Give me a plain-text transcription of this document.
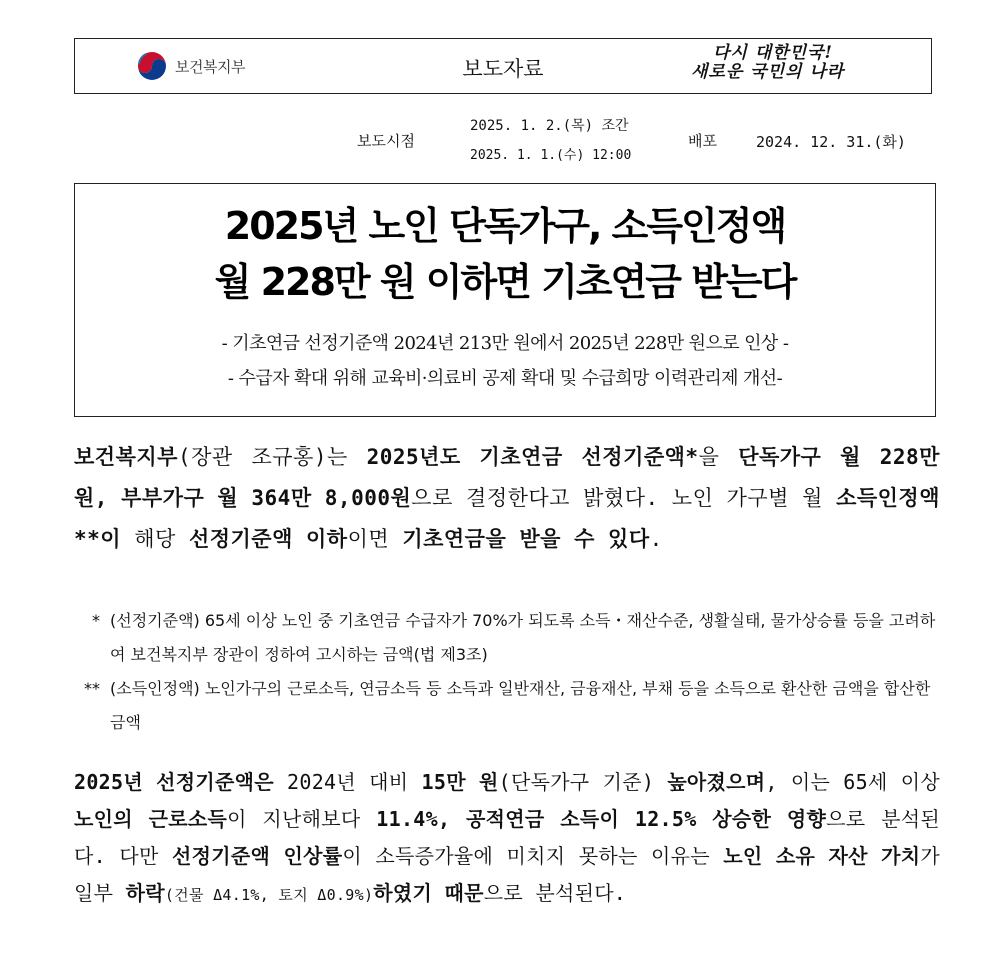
보건복지부	보도자료
다시 대한민국!
새로운 국민의 나라
보도시점
2025. 1. 2.(목) 조간
2025. 1. 1.(수) 12:00
배포	2024. 12. 31.(화)
2025년 노인 단독가구, 소득인정액
월 228만 원 이하면 기초연금 받는다
- 기초연금 선정기준액 2024년 213만 원에서 2025년 228만 원으로 인상 -
- 수급자 확대 위해 교육비·의료비 공제 확대 및 수급희망 이력관리제 개선-
보건복지부(장관 조규홍)는 2025년도 기초연금 선정기준액*을 단독가구 월 228만 원, 부부가구 월 364만 8,000원으로 결정한다고 밝혔다. 노인 가구별 월 소득인정액**이 해당 선정기준액 이하이면 기초연금을 받을 수 있다.
* (선정기준액) 65세 이상 노인 중 기초연금 수급자가 70%가 되도록 소득・재산수준, 생활실태, 물가상승률 등을 고려하여 보건복지부 장관이 정하여 고시하는 금액(법 제3조)
** (소득인정액) 노인가구의 근로소득, 연금소득 등 소득과 일반재산, 금융재산, 부채 등을 소득으로 환산한 금액을 합산한 금액
2025년 선정기준액은 2024년 대비 15만 원(단독가구 기준) 높아졌으며, 이는 65세 이상 노인의 근로소득이 지난해보다 11.4%, 공적연금 소득이 12.5% 상승한 영향으로 분석된다. 다만 선정기준액 인상률이 소득증가율에 미치지 못하는 이유는 노인 소유 자산 가치가 일부 하락(건물 Δ4.1%, 토지 Δ0.9%)하였기 때문으로 분석된다.
